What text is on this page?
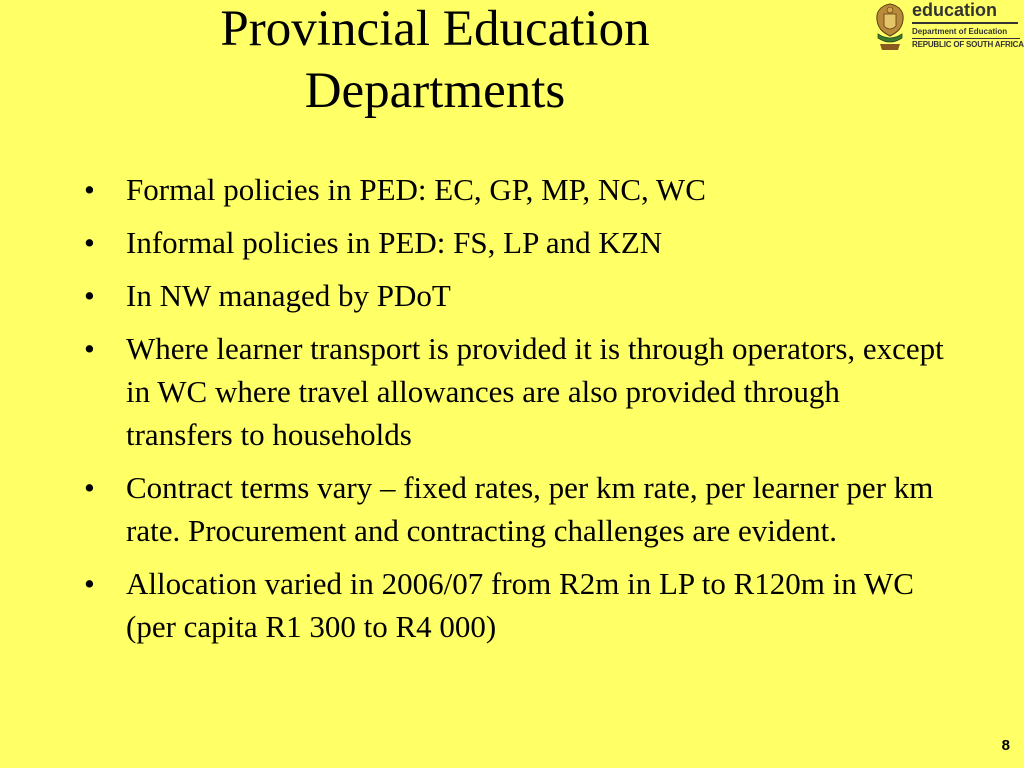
Provincial Education Departments
education
Department of Education
REPUBLIC OF SOUTH AFRICA
• Formal policies in PED: EC, GP, MP, NC, WC
• Informal policies in PED: FS, LP and KZN
• In NW managed by PDoT
• Where learner transport is provided it is through operators, except in WC where travel allowances are also provided through transfers to households
• Contract terms vary – fixed rates, per km rate, per learner per km rate. Procurement and contracting challenges are evident.
• Allocation varied in 2006/07 from R2m in LP to R120m in WC (per capita R1 300 to R4 000)
8
